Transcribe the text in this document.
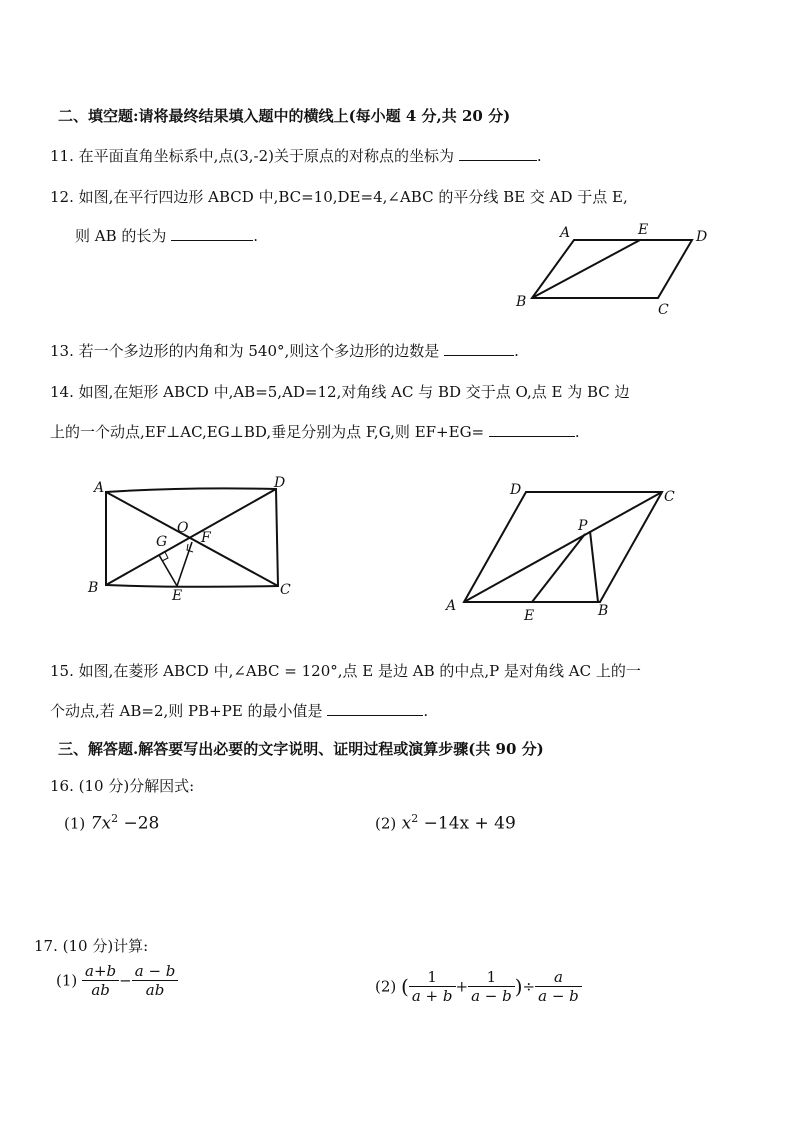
二、填空题:请将最终结果填入题中的横线上(每小题 4 分,共 20 分)
11. 在平面直角坐标系中,点(3,-2)关于原点的对称点的坐标为	.
12. 如图,在平行四边形 ABCD 中,BC=10,DE=4,∠ABC 的平分线 BE 交 AD 于点 E,
则 AB 的长为	.	A	E	D
B	C
13. 若一个多边形的内角和为 540°,则这个多边形的边数是	.
14. 如图,在矩形 ABCD 中,AB=5,AD=12,对角线 AC 与 BD 交于点 O,点 E 为 BC 边
上的一个动点,EF⊥AC,EG⊥BD,垂足分别为点 F,G,则 EF+EG=	.
A	D
O
G F
B	E	C
D	C
P
A
E	B
15. 如图,在菱形 ABCD 中,∠ABC = 120°,点 E 是边 AB 的中点,P 是对角线 AC 上的一
个动点,若 AB=2,则 PB+PE 的最小值是	.
三、解答题.解答要写出必要的文字说明、证明过程或演算步骤(共 90 分)
16. (10 分)分解因式:
(1) $7x^2 -28$	(2) $x^2 -14x + 49$
17. (10 分)计算:
$(1) \frac{a+b}{ab} - \frac{a - b}{ab}$	(2) ( $\frac{1}{a + b} + \frac{1}{a - b}$ )÷ $\frac{a}{a - b}$
